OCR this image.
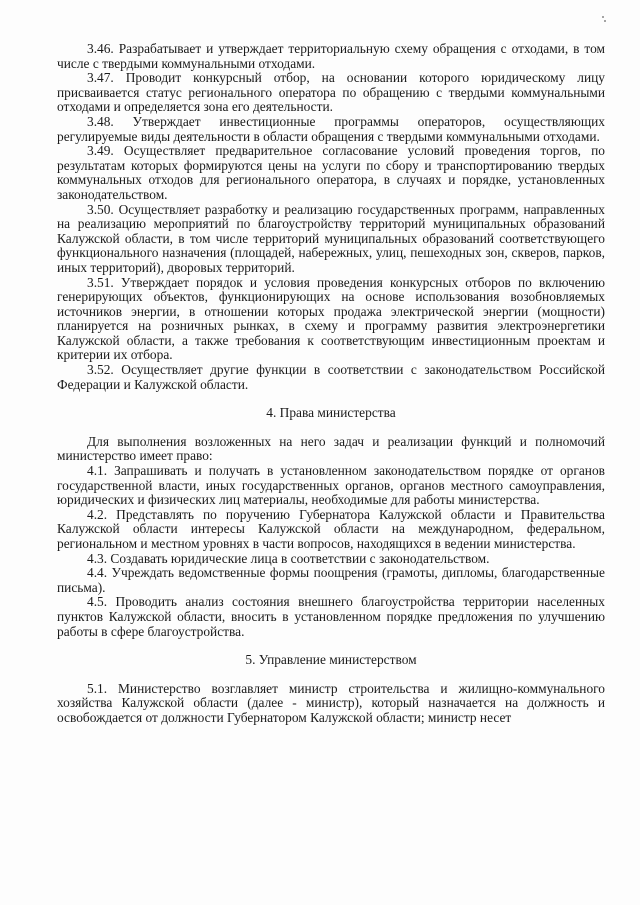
3.46. Разрабатывает и утверждает территориальную схему обращения с отходами, в том числе с твердыми коммунальными отходами.

3.47. Проводит конкурсный отбор, на основании которого юридическому лицу присваивается статус регионального оператора по обращению с твердыми коммунальными отходами и определяется зона его деятельности.

3.48. Утверждает инвестиционные программы операторов, осуществляющих регулируемые виды деятельности в области обращения с твердыми коммунальными отходами.

3.49. Осуществляет предварительное согласование условий проведения торгов, по результатам которых формируются цены на услуги по сбору и транспортированию твердых коммунальных отходов для регионального оператора, в случаях и порядке, установленных законодательством.

3.50. Осуществляет разработку и реализацию государственных программ, направленных на реализацию мероприятий по благоустройству территорий муниципальных образований Калужской области, в том числе территорий муниципальных образований соответствующего функционального назначения (площадей, набережных, улиц, пешеходных зон, скверов, парков, иных территорий), дворовых территорий.

3.51. Утверждает порядок и условия проведения конкурсных отборов по включению генерирующих объектов, функционирующих на основе использования возобновляемых источников энергии, в отношении которых продажа электрической энергии (мощности) планируется на розничных рынках, в схему и программу развития электроэнергетики Калужской области, а также требования к соответствующим инвестиционным проектам и критерии их отбора.

3.52. Осуществляет другие функции в соответствии с законодательством Российской Федерации и Калужской области.

4. Права министерства

Для выполнения возложенных на него задач и реализации функций и полномочий министерство имеет право:

4.1. Запрашивать и получать в установленном законодательством порядке от органов государственной власти, иных государственных органов, органов местного самоуправления, юридических и физических лиц материалы, необходимые для работы министерства.

4.2. Представлять по поручению Губернатора Калужской области и Правительства Калужской области интересы Калужской области на международном, федеральном, региональном и местном уровнях в части вопросов, находящихся в ведении министерства.

4.3. Создавать юридические лица в соответствии с законодательством.

4.4. Учреждать ведомственные формы поощрения (грамоты, дипломы, благодарственные письма).

4.5. Проводить анализ состояния внешнего благоустройства территории населенных пунктов Калужской области, вносить в установленном порядке предложения по улучшению работы в сфере благоустройства.

5. Управление министерством

5.1. Министерство возглавляет министр строительства и жилищно-коммунального хозяйства Калужской области (далее - министр), который назначается на должность и освобождается от должности Губернатором Калужской области; министр несет
